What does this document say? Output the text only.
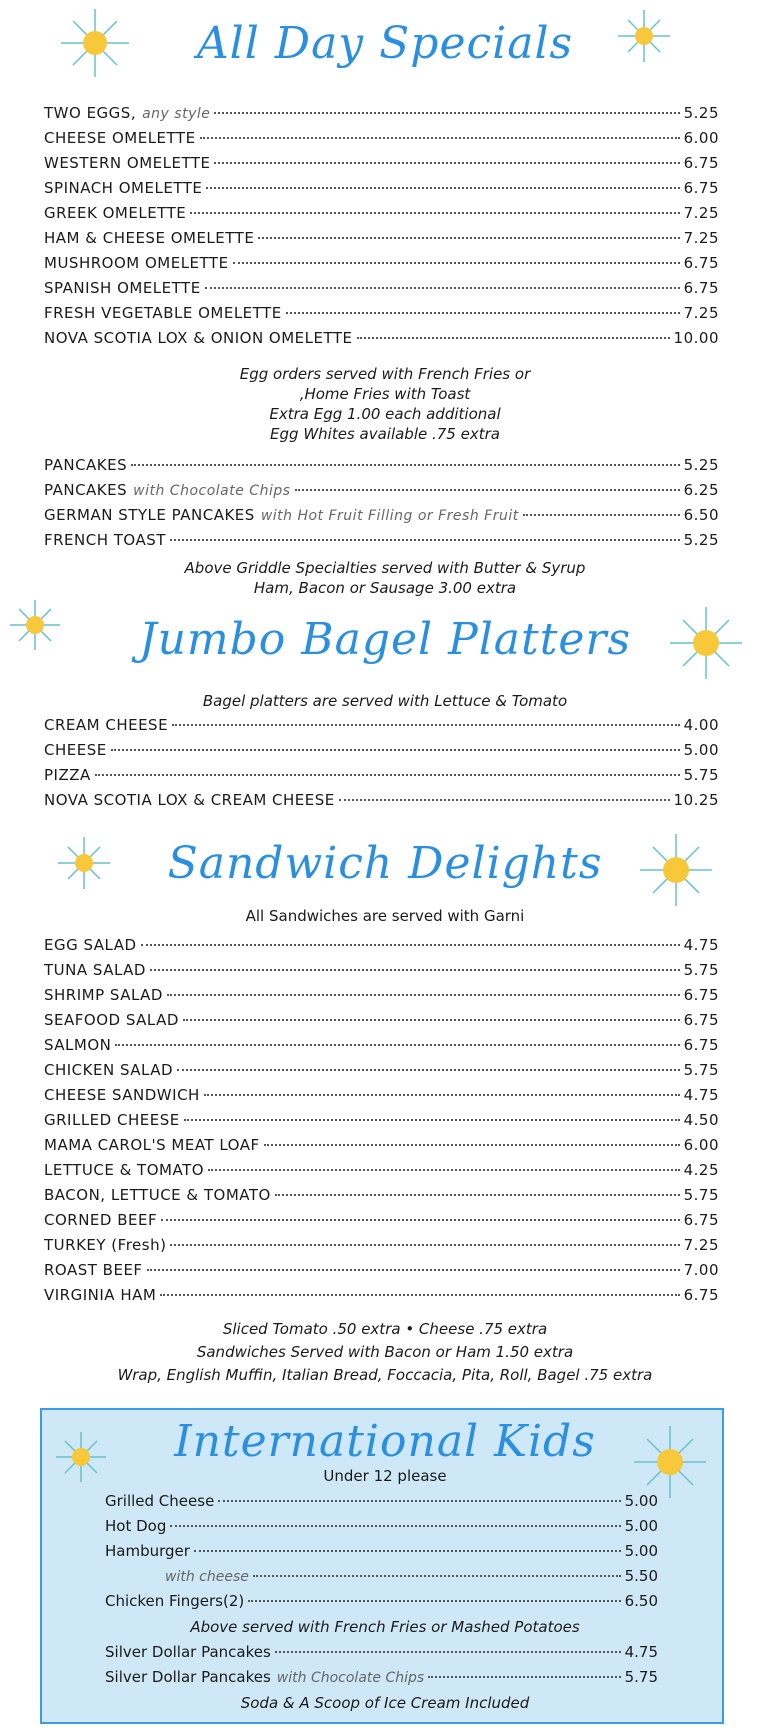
All Day Specials
TWO EGGS, any style	5.25
CHEESE OMELETTE	6.00
WESTERN OMELETTE	6.75
SPINACH OMELETTE	6.75
GREEK OMELETTE	7.25
HAM & CHEESE OMELETTE	7.25
MUSHROOM OMELETTE	6.75
SPANISH OMELETTE	6.75
FRESH VEGETABLE OMELETTE	7.25
NOVA SCOTIA LOX & ONION OMELETTE	10.00
Egg orders served with French Fries or
,Home Fries with Toast
Extra Egg 1.00 each additional
Egg Whites available .75 extra
PANCAKES	5.25
PANCAKES with Chocolate Chips	6.25
GERMAN STYLE PANCAKES with Hot Fruit Filling or Fresh Fruit	6.50
FRENCH TOAST	5.25
Above Griddle Specialties served with Butter & Syrup
Ham, Bacon or Sausage 3.00 extra
Jumbo Bagel Platters
Bagel platters are served with Lettuce & Tomato
CREAM CHEESE	4.00
CHEESE	5.00
PIZZA	5.75
NOVA SCOTIA LOX & CREAM CHEESE	10.25
Sandwich Delights
All Sandwiches are served with Garni
EGG SALAD	4.75
TUNA SALAD	5.75
SHRIMP SALAD	6.75
SEAFOOD SALAD	6.75
SALMON	6.75
CHICKEN SALAD	5.75
CHEESE SANDWICH	4.75
GRILLED CHEESE	4.50
MAMA CAROL'S MEAT LOAF	6.00
LETTUCE & TOMATO	4.25
BACON, LETTUCE & TOMATO	5.75
CORNED BEEF	6.75
TURKEY (Fresh)	7.25
ROAST BEEF	7.00
VIRGINIA HAM	6.75
Sliced Tomato .50 extra • Cheese .75 extra
Sandwiches Served with Bacon or Ham 1.50 extra
Wrap, English Muffin, Italian Bread, Foccacia, Pita, Roll, Bagel .75 extra
International Kids
Under 12 please
Grilled Cheese	5.00
Hot Dog	5.00
Hamburger	5.00
with cheese	5.50
Chicken Fingers(2)	6.50
Above served with French Fries or Mashed Potatoes
Silver Dollar Pancakes	4.75
Silver Dollar Pancakes with Chocolate Chips	5.75
Soda & A Scoop of Ice Cream Included
